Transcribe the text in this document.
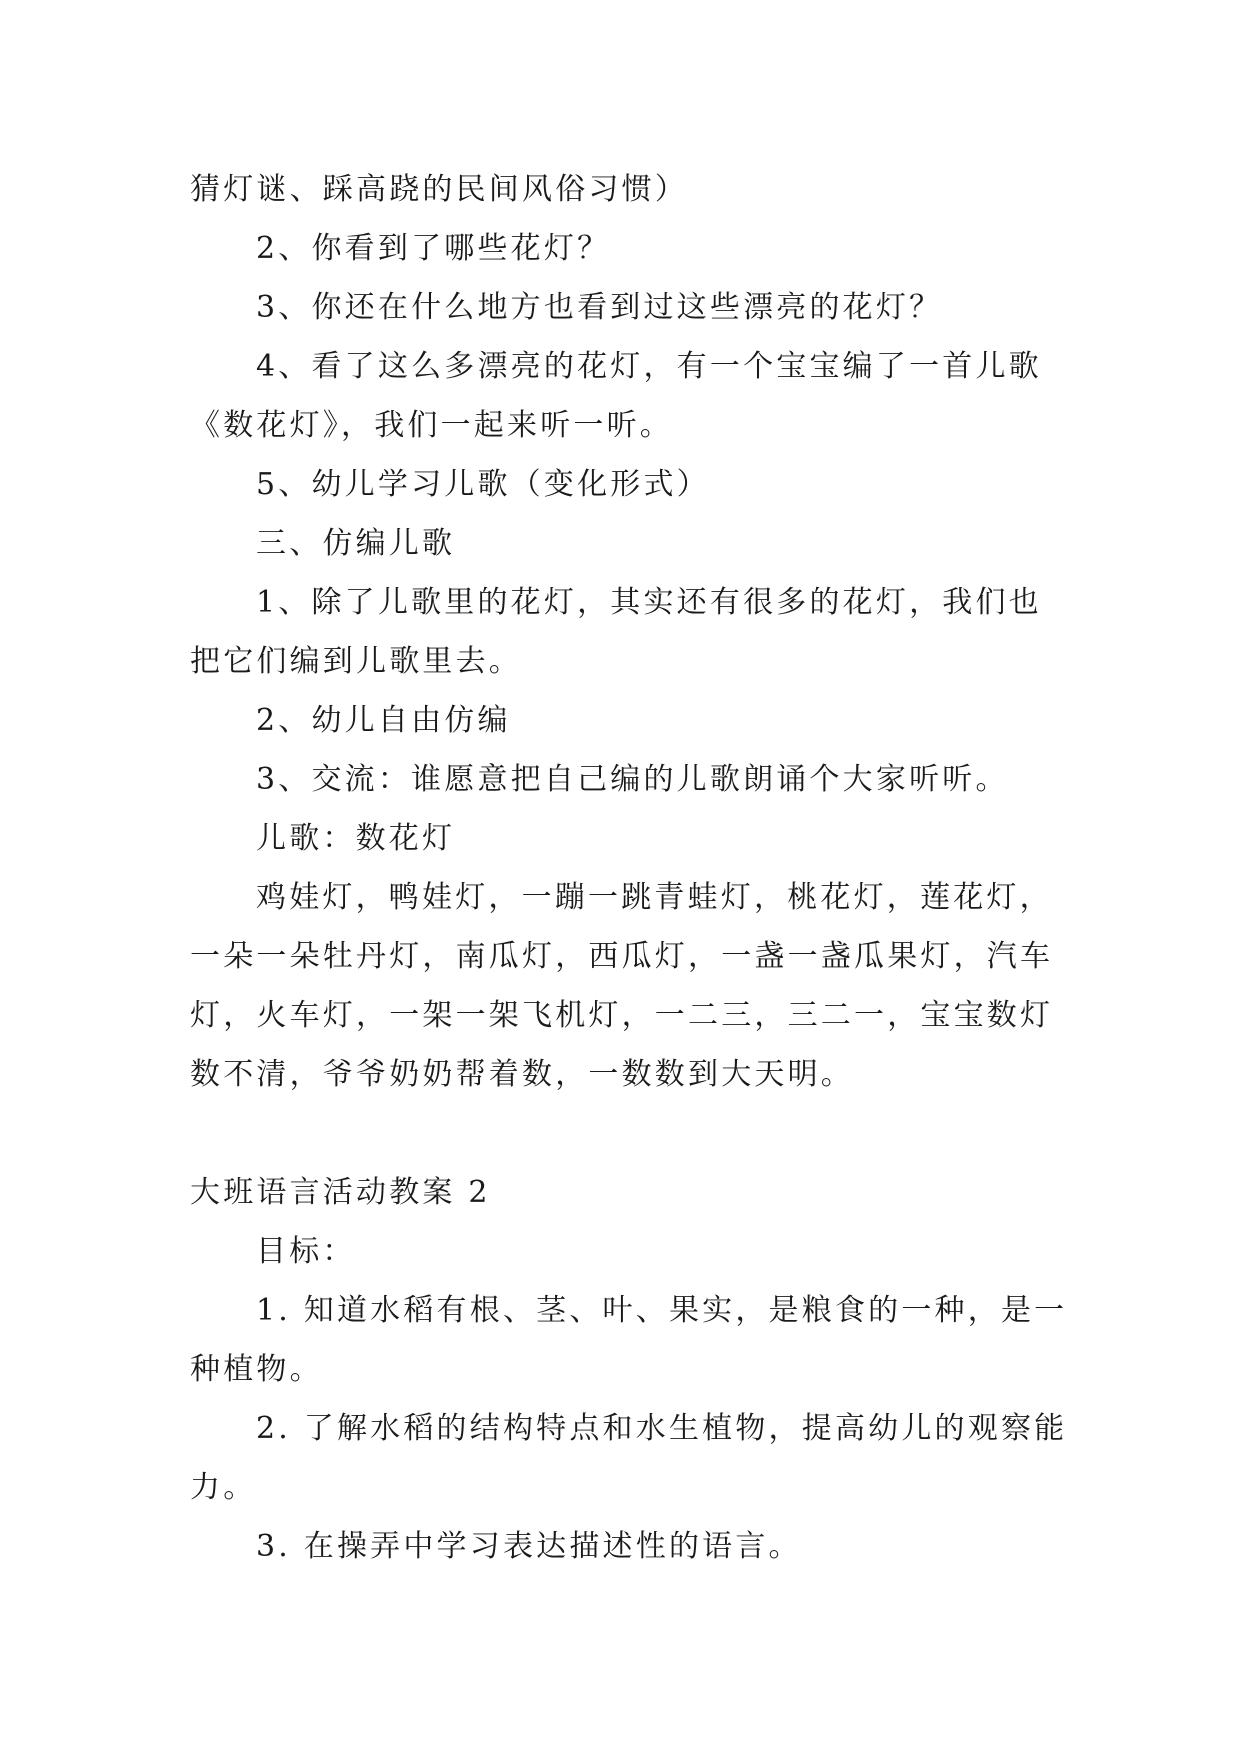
猜灯谜、踩高跷的民间风俗习惯）
2、你看到了哪些花灯？
3、你还在什么地方也看到过这些漂亮的花灯？
4、看了这么多漂亮的花灯，有一个宝宝编了一首儿歌
《数花灯》，我们一起来听一听。
5、幼儿学习儿歌（变化形式）
三、仿编儿歌
1、除了儿歌里的花灯，其实还有很多的花灯，我们也
把它们编到儿歌里去。
2、幼儿自由仿编
3、交流：谁愿意把自己编的儿歌朗诵个大家听听。
儿歌：数花灯
鸡娃灯，鸭娃灯，一蹦一跳青蛙灯，桃花灯，莲花灯，
一朵一朵牡丹灯，南瓜灯，西瓜灯，一盏一盏瓜果灯，汽车
灯，火车灯，一架一架飞机灯，一二三，三二一，宝宝数灯
数不清，爷爷奶奶帮着数，一数数到大天明。
大班语言活动教案 2
目标：
1. 知道水稻有根、茎、叶、果实，是粮食的一种，是一
种植物。
2. 了解水稻的结构特点和水生植物，提高幼儿的观察能
力。
3. 在操弄中学习表达描述性的语言。
